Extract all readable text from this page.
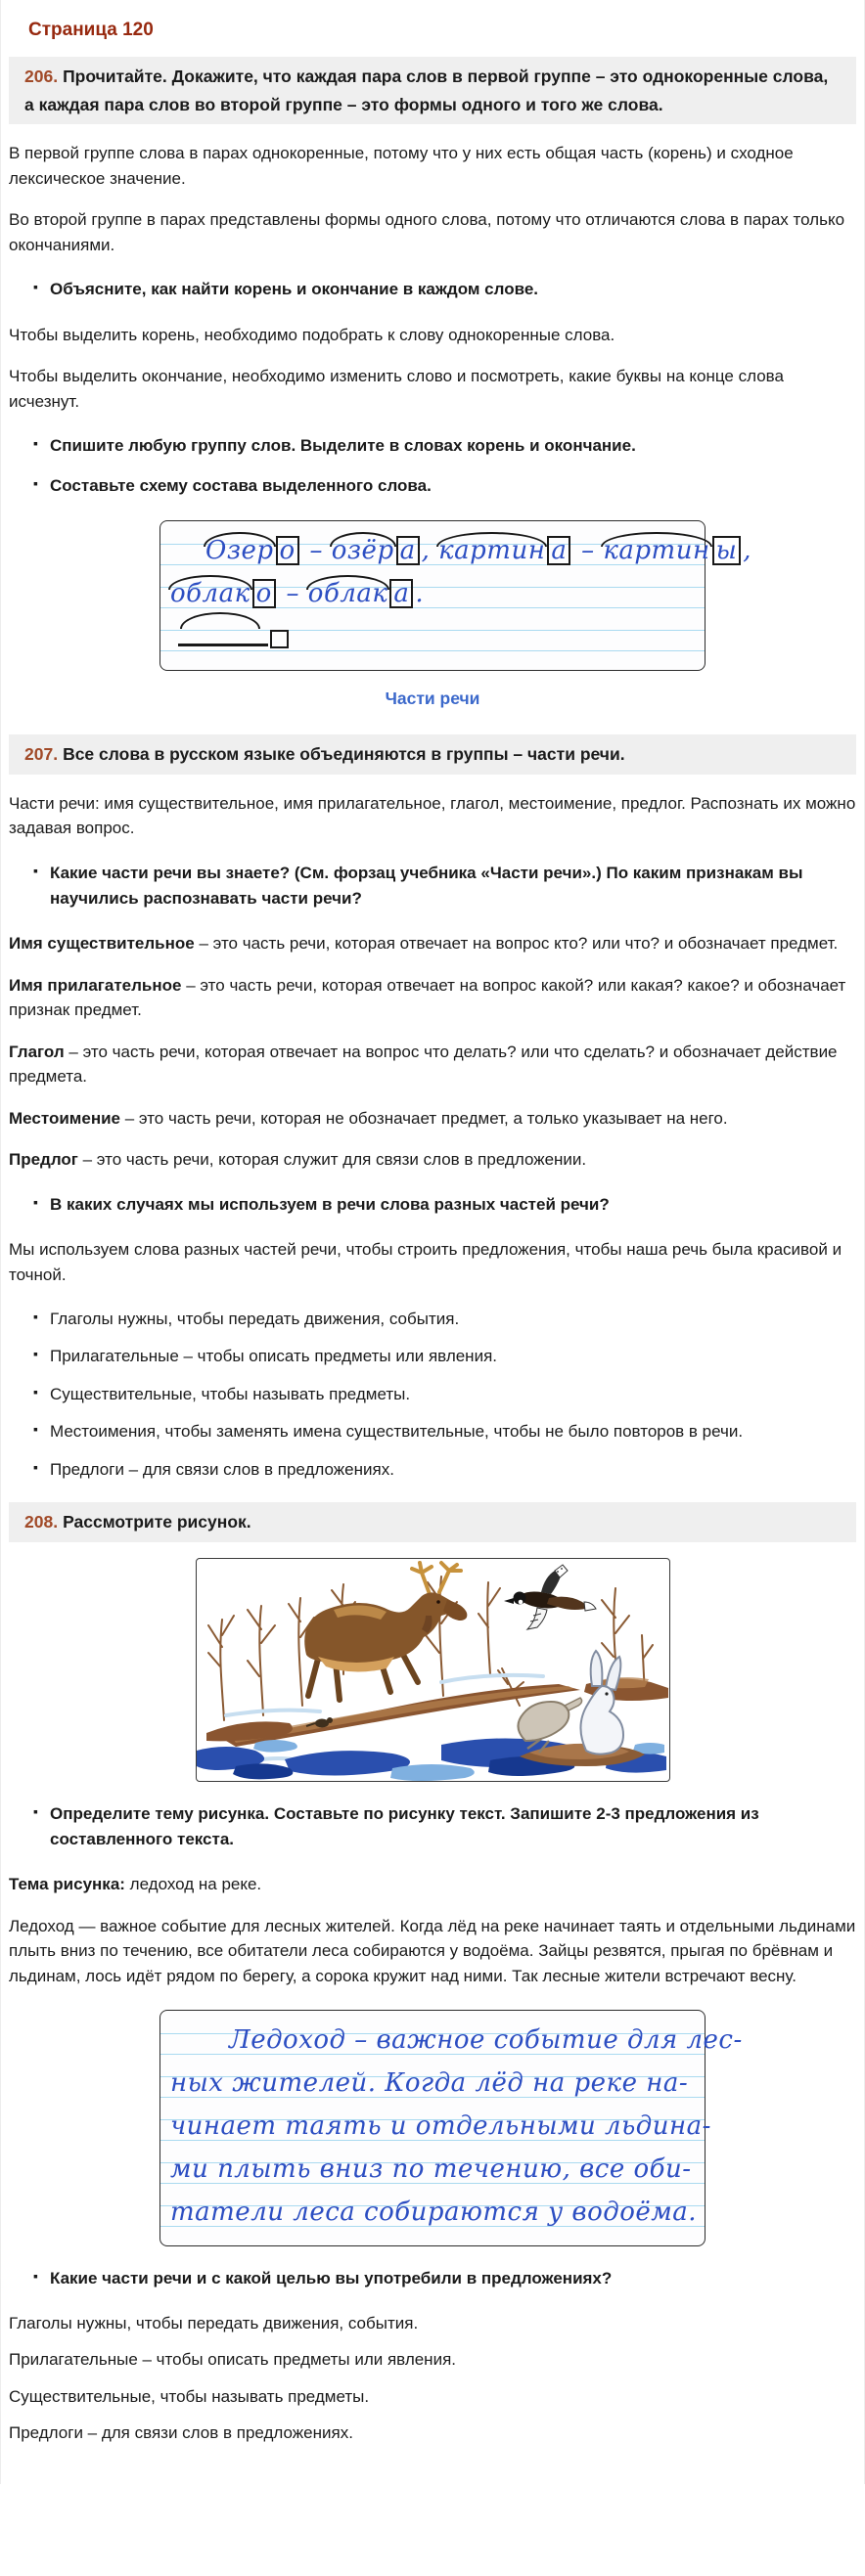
Страница 120
206. Прочитайте. Докажите, что каждая пара слов в первой группе – это однокоренные слова, а каждая пара слов во второй группе – это формы одного и того же слова.

В первой группе слова в парах однокоренные, потому что у них есть общая часть (корень) и сходное лексическое значение.

Во второй группе в парах представлены формы одного слова, потому что отличаются слова в парах только окончаниями.

▪ Объясните, как найти корень и окончание в каждом слове.

Чтобы выделить корень, необходимо подобрать к слову однокоренные слова.

Чтобы выделить окончание, необходимо изменить слово и посмотреть, какие буквы на конце слова исчезнут.

▪ Спишите любую группу слов. Выделите в словах корень и окончание.
▪ Составьте схему состава выделенного слова.
Озер о – озёр а , картин а – картин ы ,
облак о – облак а .
Части речи
207. Все слова в русском языке объединяются в группы – части речи.

Части речи: имя существительное, имя прилагательное, глагол, местоимение, предлог. Распознать их можно задавая вопрос.

▪ Какие части речи вы знаете? (См. форзац учебника «Части речи».) По каким признакам вы научились распознавать части речи?

Имя существительное – это часть речи, которая отвечает на вопрос кто? или что? и обозначает предмет.

Имя прилагательное – это часть речи, которая отвечает на вопрос какой? или какая? какое? и обозначает признак предмет.

Глагол – это часть речи, которая отвечает на вопрос что делать? или что сделать? и обозначает действие предмета.

Местоимение – это часть речи, которая не обозначает предмет, а только указывает на него.

Предлог – это часть речи, которая служит для связи слов в предложении.

▪ В каких случаях мы используем в речи слова разных частей речи?

Мы используем слова разных частей речи, чтобы строить предложения, чтобы наша речь была красивой и точной.

▪ Глаголы нужны, чтобы передать движения, события.
▪ Прилагательные – чтобы описать предметы или явления.
▪ Существительные, чтобы называть предметы.
▪ Местоимения, чтобы заменять имена существительные, чтобы не было повторов в речи.
▪ Предлоги – для связи слов в предложениях.
208. Рассмотрите рисунок.
▪ Определите тему рисунка. Составьте по рисунку текст. Запишите 2-3 предложения из составленного текста.

Тема рисунка: ледоход на реке.

Ледоход — важное событие для лесных жителей. Когда лёд на реке начинает таять и отдельными льдинами плыть вниз по течению, все обитатели леса собираются у водоёма. Зайцы резвятся, прыгая по брёвнам и льдинам, лось идёт рядом по берегу, а сорока кружит над ними. Так лесные жители встречают весну.

Ледоход – важное событие для лес-
ных жителей. Когда лёд на реке на-
чинает таять и отдельными льдина-
ми плыть вниз по течению, все оби-
татели леса собираются у водоёма.
▪ Какие части речи и с какой целью вы употребили в предложениях?

Глаголы нужны, чтобы передать движения, события.

Прилагательные – чтобы описать предметы или явления.

Существительные, чтобы называть предметы.

Предлоги – для связи слов в предложениях.
